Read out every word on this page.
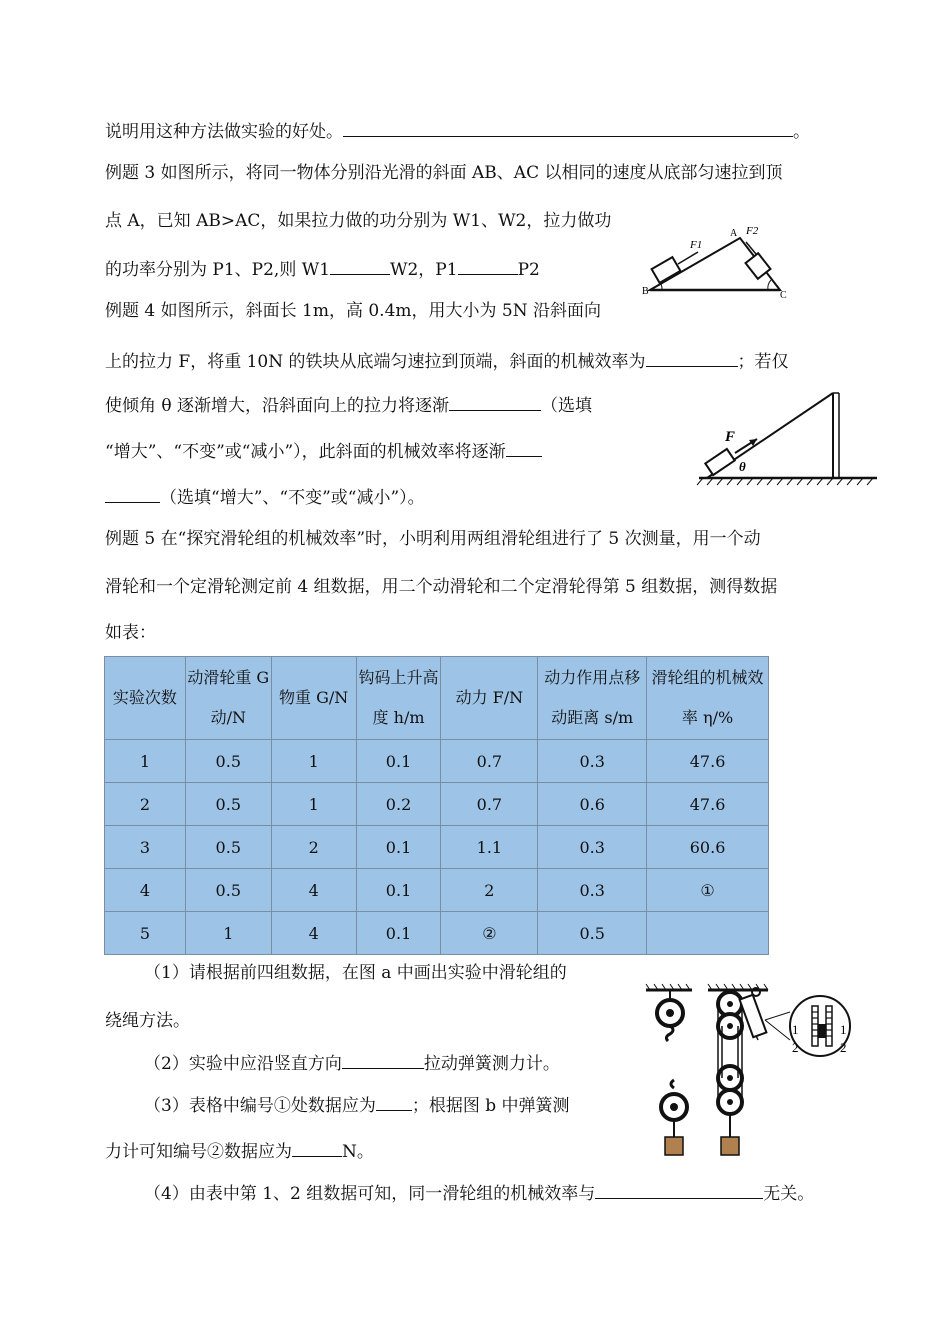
说明用这种方法做实验的好处。	。
例题 3 如图所示，将同一物体分别沿光滑的斜面 AB、AC 以相同的速度从底部匀速拉到顶
点 A，已知 AB>AC，如果拉力做的功分别为 W1、W2，拉力做功
的功率分别为 P1、P2,则 W1	W2，P1	P2
B
A
C
F1
F2
例题 4 如图所示，斜面长 1m，高 0.4m，用大小为 5N 沿斜面向
上的拉力 F，将重 10N 的铁块从底端匀速拉到顶端，斜面的机械效率为	；若仅
使倾角 θ 逐渐增大，沿斜面向上的拉力将逐渐	（选填
“增大”、“不变”或“减小”），此斜面的机械效率将逐渐
（选填“增大”、“不变”或“减小”）。
F
θ
例题 5 在“探究滑轮组的机械效率”时，小明利用两组滑轮组进行了 5 次测量，用一个动
滑轮和一个定滑轮测定前 4 组数据，用二个动滑轮和二个定滑轮得第 5 组数据，测得数据
如表：
实验次数	动滑轮重 G动/N	物重 G/N	钩码上升高度 h/m	动力 F/N	动力作用点移动距离 s/m	滑轮组的机械效率 η/%
1	0.5	1	0.1	0.7	0.3	47.6
2	0.5	1	0.2	0.7	0.6	47.6
3	0.5	2	0.1	1.1	0.3	60.6
4	0.5	4	0.1	2	0.3	①
5	1	4	0.1	②	0.5	
（1）请根据前四组数据，在图 a 中画出实验中滑轮组的
绕绳方法。
（2）实验中应沿竖直方向	拉动弹簧测力计。
（3）表格中编号①处数据应为 ；根据图 b 中弹簧测
力计可知编号②数据应为	N。
（4）由表中第 1、2 组数据可知，同一滑轮组的机械效率与	无关。
1
2
1
2
